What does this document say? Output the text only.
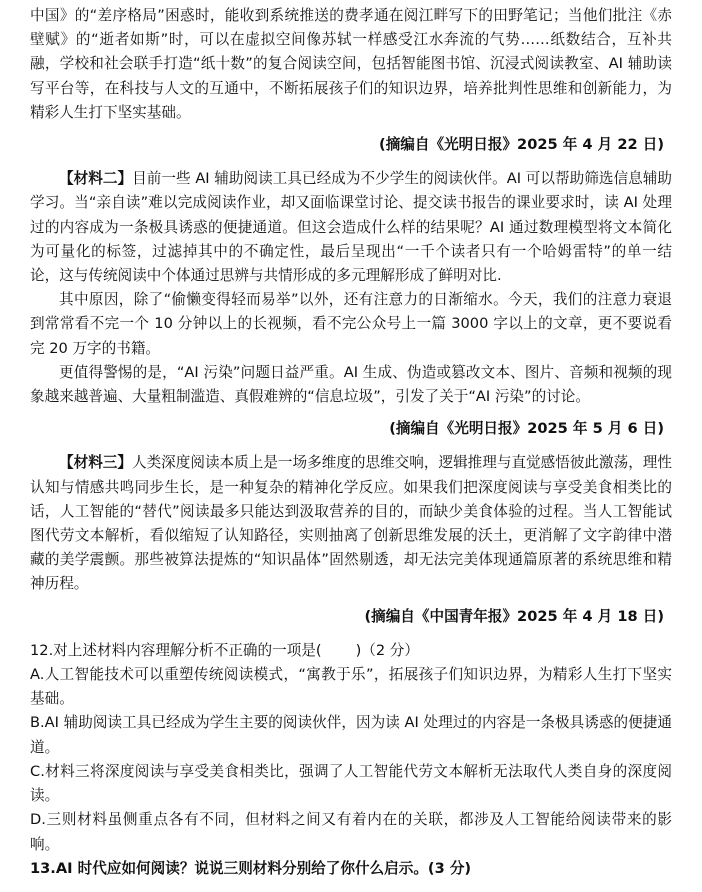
中国》的“差序格局”困惑时，能收到系统推送的费孝通在阅江畔写下的田野笔记；当他们批注《赤壁赋》的“逝者如斯”时，可以在虚拟空间像苏轼一样感受江水奔流的气势……纸数结合，互补共融，学校和社会联手打造“纸十数”的复合阅读空间，包括智能图书馆、沉浸式阅读教室、AI 辅助读写平台等，在科技与人文的互通中，不断拓展孩子们的知识边界，培养批判性思维和创新能力，为精彩人生打下坚实基础。

(摘编自《光明日报》2025 年 4 月 22 日)

【材料二】目前一些 AI 辅助阅读工具已经成为不少学生的阅读伙伴。AI 可以帮助筛选信息辅助学习。当“亲自读”难以完成阅读作业，却又面临课堂讨论、提交读书报告的课业要求时，读 AI 处理过的内容成为一条极具诱惑的便捷通道。但这会造成什么样的结果呢？AI 通过数理模型将文本简化为可量化的标签，过滤掉其中的不确定性，最后呈现出“一千个读者只有一个哈姆雷特”的单一结论，这与传统阅读中个体通过思辨与共情形成的多元理解形成了鲜明对比.

其中原因，除了“偷懒变得轻而易举”以外，还有注意力的日渐缩水。今天，我们的注意力衰退到常常看不完一个 10 分钟以上的长视频，看不完公众号上一篇 3000 字以上的文章，更不要说看完 20 万字的书籍。

更值得警惕的是，“AI 污染”问题日益严重。AI 生成、伪造或篡改文本、图片、音频和视频的现象越来越普遍、大量粗制滥造、真假难辨的“信息垃圾”，引发了关于“AI 污染”的讨论。

(摘编自《光明日报》2025 年 5 月 6 日)

【材料三】人类深度阅读本质上是一场多维度的思维交响，逻辑推理与直觉感悟彼此激荡，理性认知与情感共鸣同步生长，是一种复杂的精神化学反应。如果我们把深度阅读与享受美食相类比的话，人工智能的“替代”阅读最多只能达到汲取营养的目的，而缺少美食体验的过程。当人工智能试图代劳文本解析，看似缩短了认知路径，实则抽离了创新思维发展的沃土，更消解了文字韵律中潜藏的美学震颤。那些被算法提炼的“知识晶体”固然剔透，却无法完美体现通篇原著的系统思维和精神历程。

(摘编自《中国青年报》2025 年 4 月 18 日)

12.对上述材料内容理解分析不正确的一项是( )（2 分）

A.人工智能技术可以重塑传统阅读模式，“寓教于乐”，拓展孩子们知识边界，为精彩人生打下坚实基础。

B.AI 辅助阅读工具已经成为学生主要的阅读伙伴，因为读 AI 处理过的内容是一条极具诱惑的便捷通道。

C.材料三将深度阅读与享受美食相类比，强调了人工智能代劳文本解析无法取代人类自身的深度阅读。

D.三则材料虽侧重点各有不同，但材料之间又有着内在的关联，都涉及人工智能给阅读带来的影响。

13.AI 时代应如何阅读？说说三则材料分别给了你什么启示。(3 分)
